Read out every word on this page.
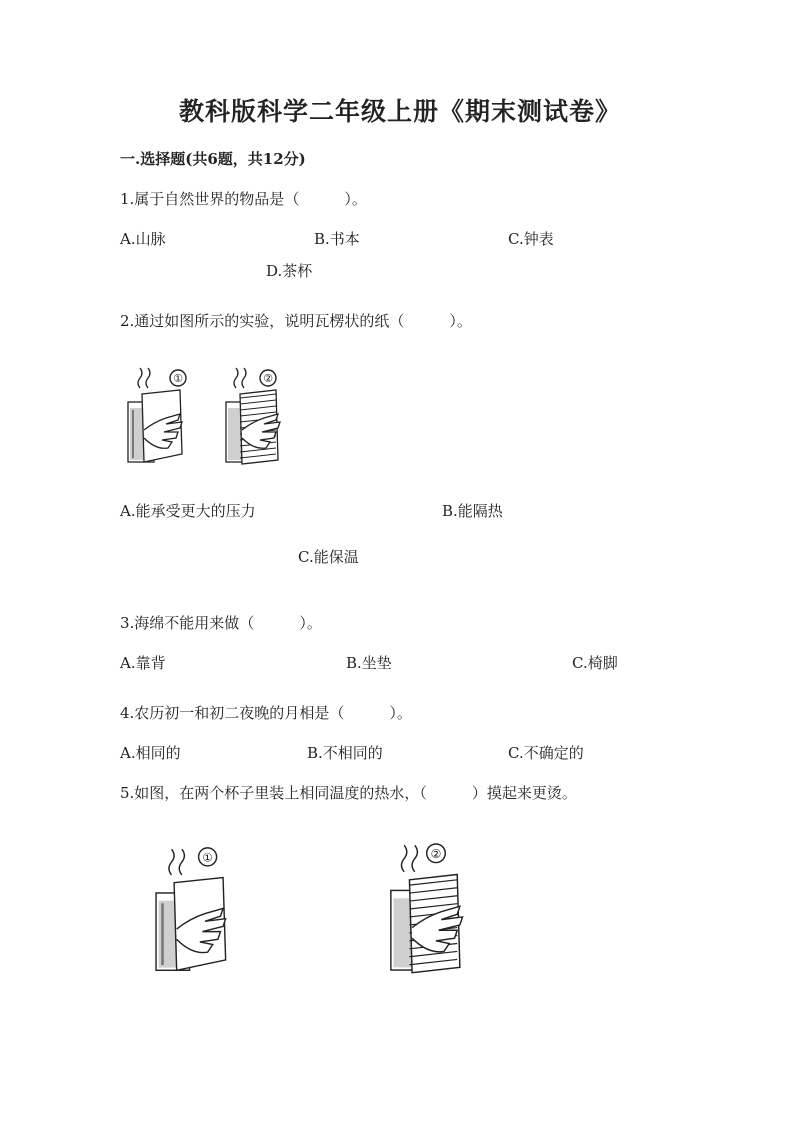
教科版科学二年级上册《期末测试卷》
一.选择题(共6题，共12分)
1.属于自然世界的物品是（　　　）。
A.山脉	B.书本	C.钟表
D.茶杯
2.通过如图所示的实验，说明瓦楞状的纸（　　　）。
①	②
A.能承受更大的压力	B.能隔热
C.能保温
3.海绵不能用来做（　　　）。
A.靠背	B.坐垫	C.椅脚
4.农历初一和初二夜晚的月相是（　　　）。
A.相同的	B.不相同的	C.不确定的
5.如图，在两个杯子里装上相同温度的热水，（　　　）摸起来更烫。
①	②
